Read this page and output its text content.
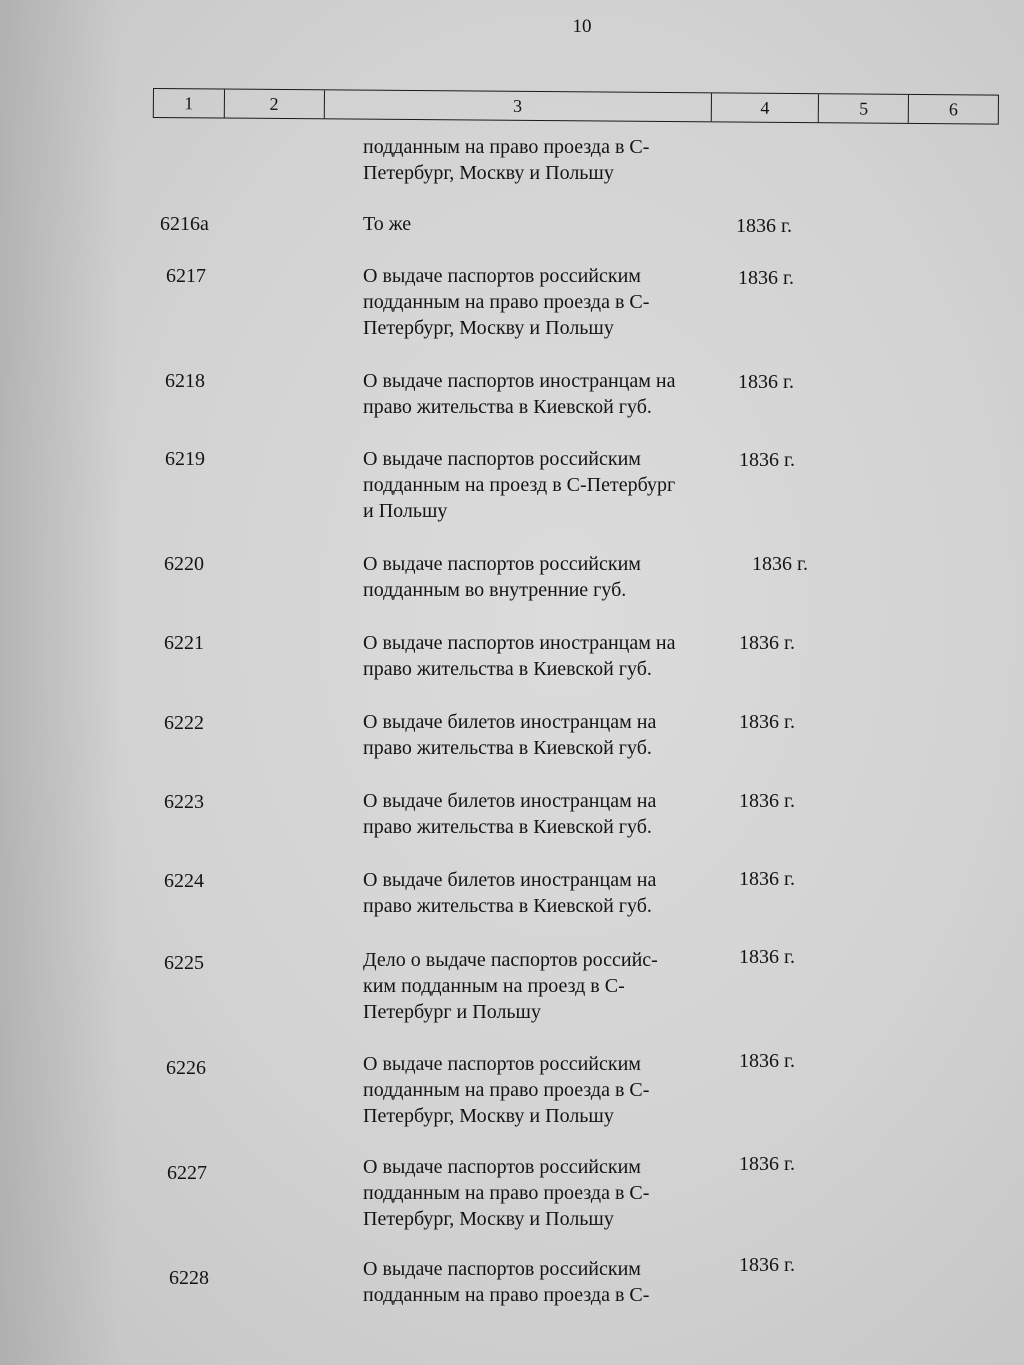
10
1	2	3	4	5	6
подданным на право проезда в С-
Петербург, Москву и Польшу
6216а	То же	1836 г.
6217	О выдаче паспортов российским
подданным на право проезда в С-
Петербург, Москву и Польшу
1836 г.
6218	О выдаче паспортов иностранцам на
право жительства в Киевской губ.
1836 г.
6219	О выдаче паспортов российским
подданным на проезд в С-Петербург
и Польшу
1836 г.
6220	О выдаче паспортов российским
подданным во внутренние губ.
1836 г.
6221	О выдаче паспортов иностранцам на
право жительства в Киевской губ.
1836 г.
6222	О выдаче билетов иностранцам на
право жительства в Киевской губ.
1836 г.
6223	О выдаче билетов иностранцам на
право жительства в Киевской губ.
1836 г.
6224	О выдаче билетов иностранцам на
право жительства в Киевской губ.
1836 г.
6225	Дело о выдаче паспортов российс-
ким подданным на проезд в С-
Петербург и Польшу
1836 г.
6226	О выдаче паспортов российским
подданным на право проезда в С-
Петербург, Москву и Польшу
1836 г.
6227	О выдаче паспортов российским
подданным на право проезда в С-
Петербург, Москву и Польшу
1836 г.
6228	О выдаче паспортов российским
подданным на право проезда в С-
1836 г.
